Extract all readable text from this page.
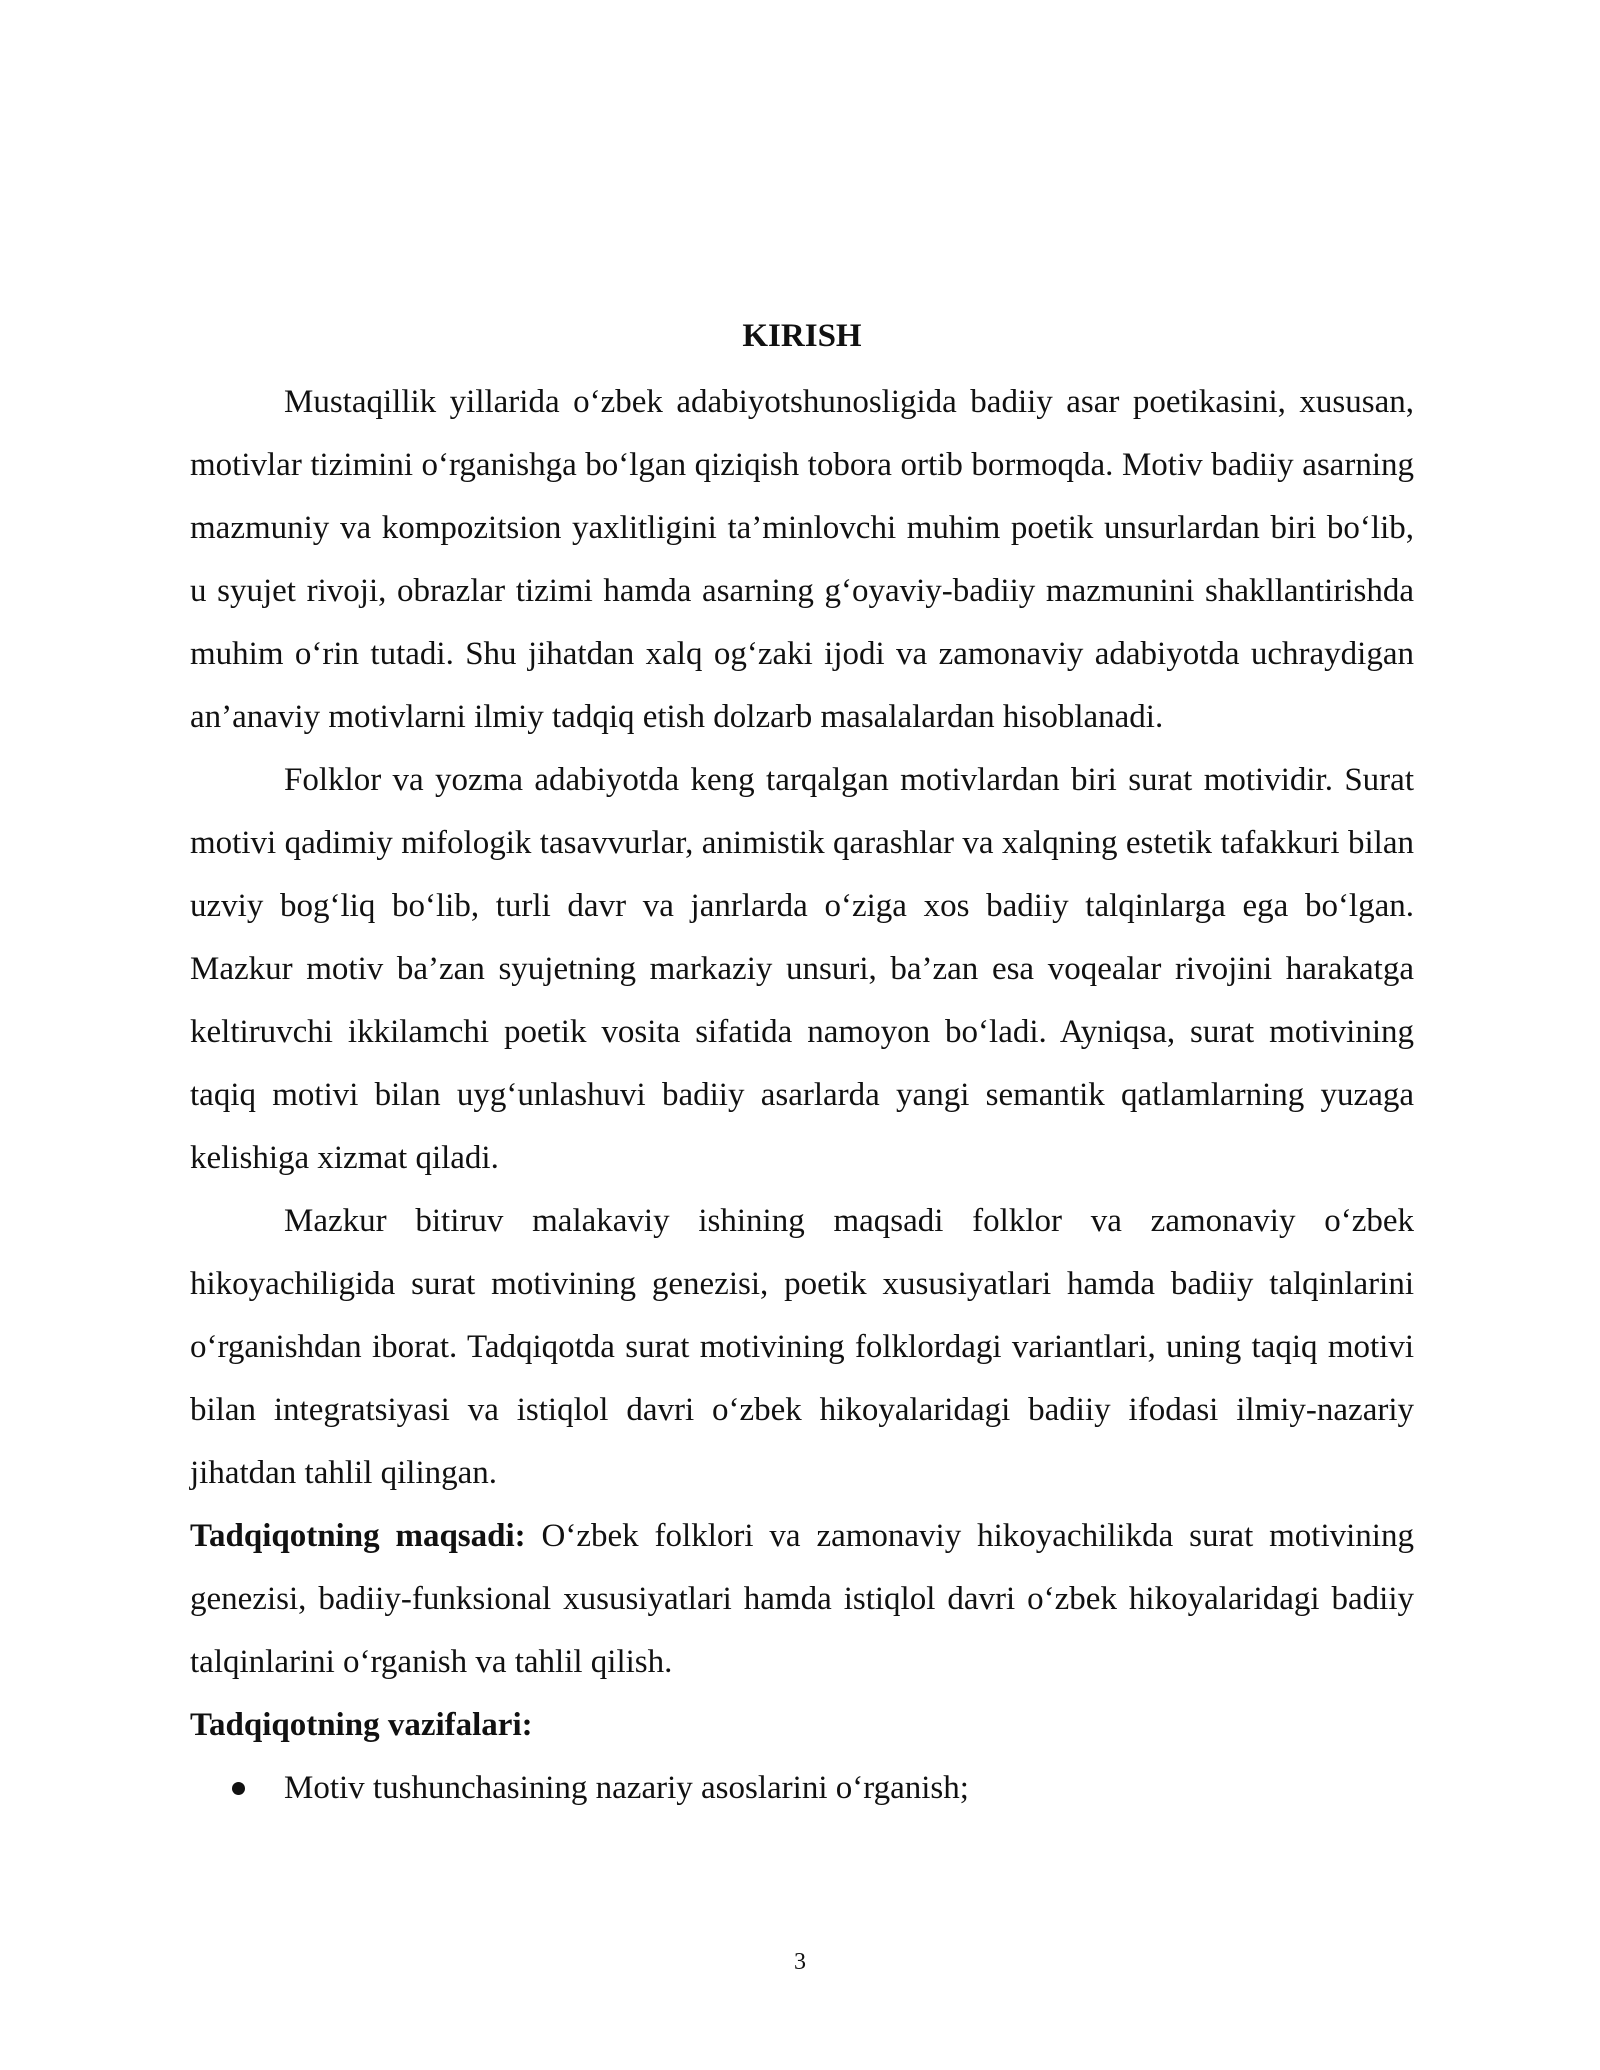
KIRISH

Mustaqillik yillarida o‘zbek adabiyotshunosligida badiiy asar poetikasini, xususan, motivlar tizimini o‘rganishga bo‘lgan qiziqish tobora ortib bormoqda. Motiv badiiy asarning mazmuniy va kompozitsion yaxlitligini ta’minlovchi muhim poetik unsurlardan biri bo‘lib, u syujet rivoji, obrazlar tizimi hamda asarning g‘oyaviy-badiiy mazmunini shakllantirishda muhim o‘rin tutadi. Shu jihatdan xalq og‘zaki ijodi va zamonaviy adabiyotda uchraydigan an’anaviy motivlarni ilmiy tadqiq etish dolzarb masalalardan hisoblanadi.

Folklor va yozma adabiyotda keng tarqalgan motivlardan biri surat motividir. Surat motivi qadimiy mifologik tasavvurlar, animistik qarashlar va xalqning estetik tafakkuri bilan uzviy bog‘liq bo‘lib, turli davr va janrlarda o‘ziga xos badiiy talqinlarga ega bo‘lgan. Mazkur motiv ba’zan syujetning markaziy unsuri, ba’zan esa voqealar rivojini harakatga keltiruvchi ikkilamchi poetik vosita sifatida namoyon bo‘ladi. Ayniqsa, surat motivining taqiq motivi bilan uyg‘unlashuvi badiiy asarlarda yangi semantik qatlamlarning yuzaga kelishiga xizmat qiladi.

Mazkur bitiruv malakaviy ishining maqsadi folklor va zamonaviy o‘zbek hikoyachiligida surat motivining genezisi, poetik xususiyatlari hamda badiiy talqinlarini o‘rganishdan iborat. Tadqiqotda surat motivining folklordagi variantlari, uning taqiq motivi bilan integratsiyasi va istiqlol davri o‘zbek hikoyalaridagi badiiy ifodasi ilmiy-nazariy jihatdan tahlil qilingan.

Tadqiqotning maqsadi: O‘zbek folklori va zamonaviy hikoyachilikda surat motivining genezisi, badiiy-funksional xususiyatlari hamda istiqlol davri o‘zbek hikoyalaridagi badiiy talqinlarini o‘rganish va tahlil qilish.

Tadqiqotning vazifalari:
Motiv tushunchasining nazariy asoslarini o‘rganish;
3
